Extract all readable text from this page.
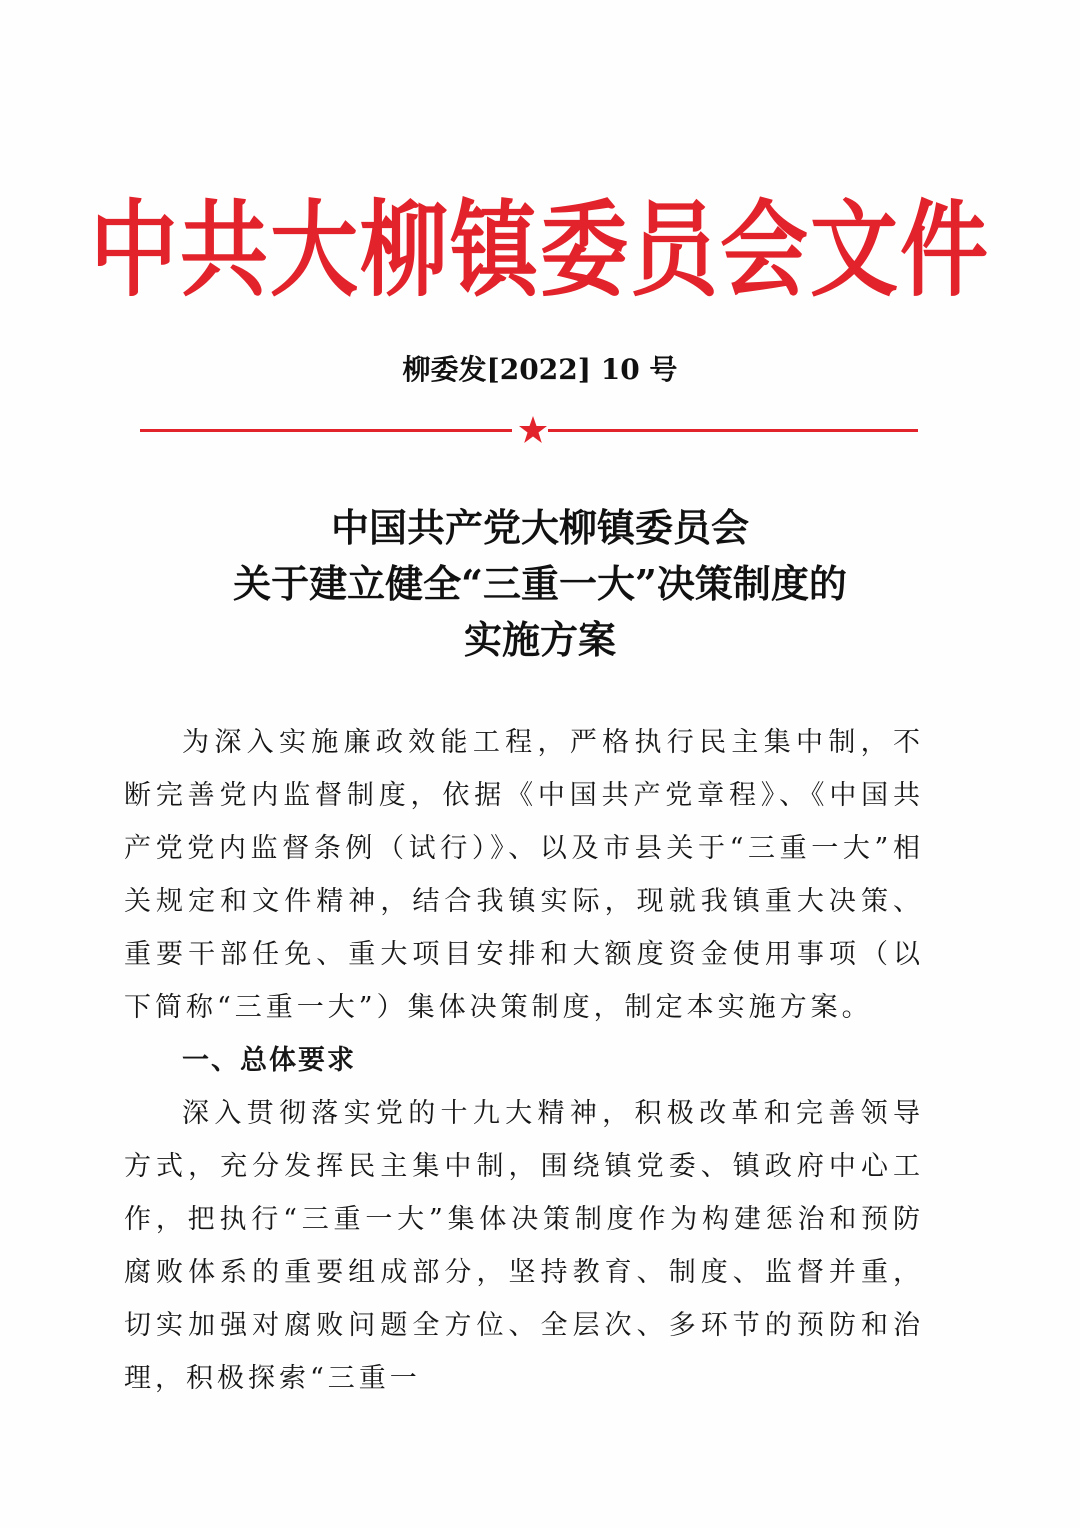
中共大柳镇委员会文件
柳委发[2022] 10 号
中国共产党大柳镇委员会
关于建立健全“三重一大”决策制度的
实施方案

为深入实施廉政效能工程，严格执行民主集中制，不断完善党内监督制度，依据《中国共产党章程》、《中国共产党党内监督条例（试行）》、以及市县关于“三重一大”相关规定和文件精神，结合我镇实际，现就我镇重大决策、重要干部任免、重大项目安排和大额度资金使用事项（以下简称“三重一大”）集体决策制度，制定本实施方案。

一、总体要求

深入贯彻落实党的十九大精神，积极改革和完善领导方式，充分发挥民主集中制，围绕镇党委、镇政府中心工作，把执行“三重一大”集体决策制度作为构建惩治和预防腐败体系的重要组成部分，坚持教育、制度、监督并重，切实加强对腐败问题全方位、全层次、多环节的预防和治理，积极探索“三重一
